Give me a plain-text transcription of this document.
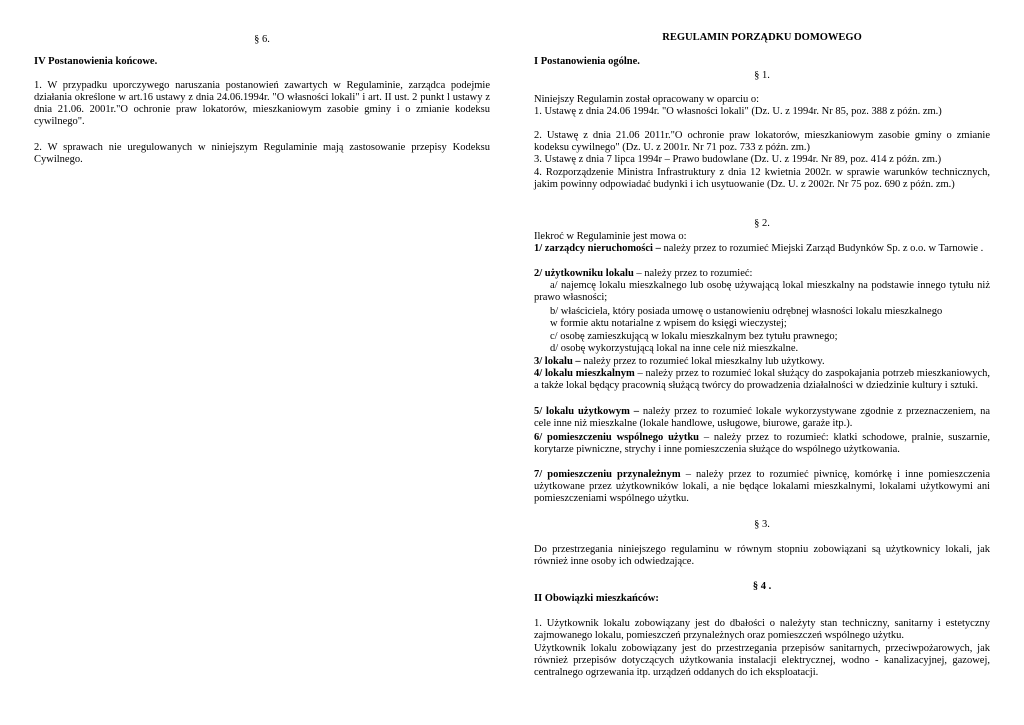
§ 6.

IV Postanowienia końcowe.

1. W przypadku uporczywego naruszania postanowień zawartych w Regulaminie, zarządca podejmie działania określone w art.16 ustawy z dnia 24.06.1994r. "O własności lokali" i art. II ust. 2 punkt l ustawy z dnia 21.06. 2001r."O ochronie praw lokatorów, mieszkaniowym zasobie gminy i o zmianie kodeksu cywilnego".

2. W sprawach nie uregulowanych w niniejszym Regulaminie mają zastosowanie przepisy Kodeksu Cywilnego.

REGULAMIN PORZĄDKU DOMOWEGO

I Postanowienia ogólne.

§ 1.

Niniejszy Regulamin został opracowany w oparciu o:

1. Ustawę z dnia 24.06 1994r. "O własności lokali" (Dz. U. z 1994r. Nr 85, poz. 388 z późn. zm.)

2. Ustawę z dnia 21.06 2011r."O ochronie praw lokatorów, mieszkaniowym zasobie gminy o zmianie kodeksu cywilnego" (Dz. U. z 2001r. Nr 71 poz. 733 z późn. zm.)

3. Ustawę z dnia 7 lipca 1994r – Prawo budowlane (Dz. U. z 1994r. Nr 89, poz. 414 z późn. zm.)

4. Rozporządzenie Ministra Infrastruktury z dnia 12 kwietnia 2002r. w sprawie warunków technicznych, jakim powinny odpowiadać budynki i ich usytuowanie (Dz. U. z 2002r. Nr 75 poz. 690 z późn. zm.)

§ 2.

Ilekroć w Regulaminie jest mowa o:

1/ zarządcy nieruchomości – należy przez to rozumieć Miejski Zarząd Budynków Sp. z o.o. w Tarnowie .

2/ użytkowniku lokalu – należy przez to rozumieć:

a/ najemcę lokalu mieszkalnego lub osobę używającą lokal mieszkalny na podstawie innego tytułu niż prawo własności;

b/ właściciela, który posiada umowę o ustanowieniu odrębnej własności lokalu mieszkalnego

w formie aktu notarialne z wpisem do księgi wieczystej;

c/ osobę zamieszkującą w lokalu mieszkalnym bez tytułu prawnego;

d/ osobę wykorzystującą lokal na inne cele niż mieszkalne.

3/ lokalu – należy przez to rozumieć lokal mieszkalny lub użytkowy.

4/ lokalu mieszkalnym – należy przez to rozumieć lokal służący do zaspokajania potrzeb mieszkaniowych, a także lokal będący pracownią służącą twórcy do prowadzenia działalności w dziedzinie kultury i sztuki.

5/ lokalu użytkowym – należy przez to rozumieć lokale wykorzystywane zgodnie z przeznaczeniem, na cele inne niż mieszkalne (lokale handlowe, usługowe, biurowe, garaże itp.).

6/ pomieszczeniu wspólnego użytku – należy przez to rozumieć: klatki schodowe, pralnie, suszarnie, korytarze piwniczne, strychy i inne pomieszczenia służące do wspólnego użytkowania.

7/ pomieszczeniu przynależnym – należy przez to rozumieć piwnicę, komórkę i inne pomieszczenia użytkowane przez użytkowników lokali, a nie będące lokalami mieszkalnymi, lokalami użytkowymi ani pomieszczeniami wspólnego użytku.

§ 3.

Do przestrzegania niniejszego regulaminu w równym stopniu zobowiązani są użytkownicy lokali, jak również inne osoby ich odwiedzające.

§ 4 .

II Obowiązki mieszkańców:

1. Użytkownik lokalu zobowiązany jest do dbałości o należyty stan techniczny, sanitarny i estetyczny zajmowanego lokalu, pomieszczeń przynależnych oraz pomieszczeń wspólnego użytku.

Użytkownik lokalu zobowiązany jest do przestrzegania przepisów sanitarnych, przeciwpożarowych, jak również przepisów dotyczących użytkowania instalacji elektrycznej, wodno - kanalizacyjnej, gazowej, centralnego ogrzewania itp. urządzeń oddanych do ich eksploatacji.
